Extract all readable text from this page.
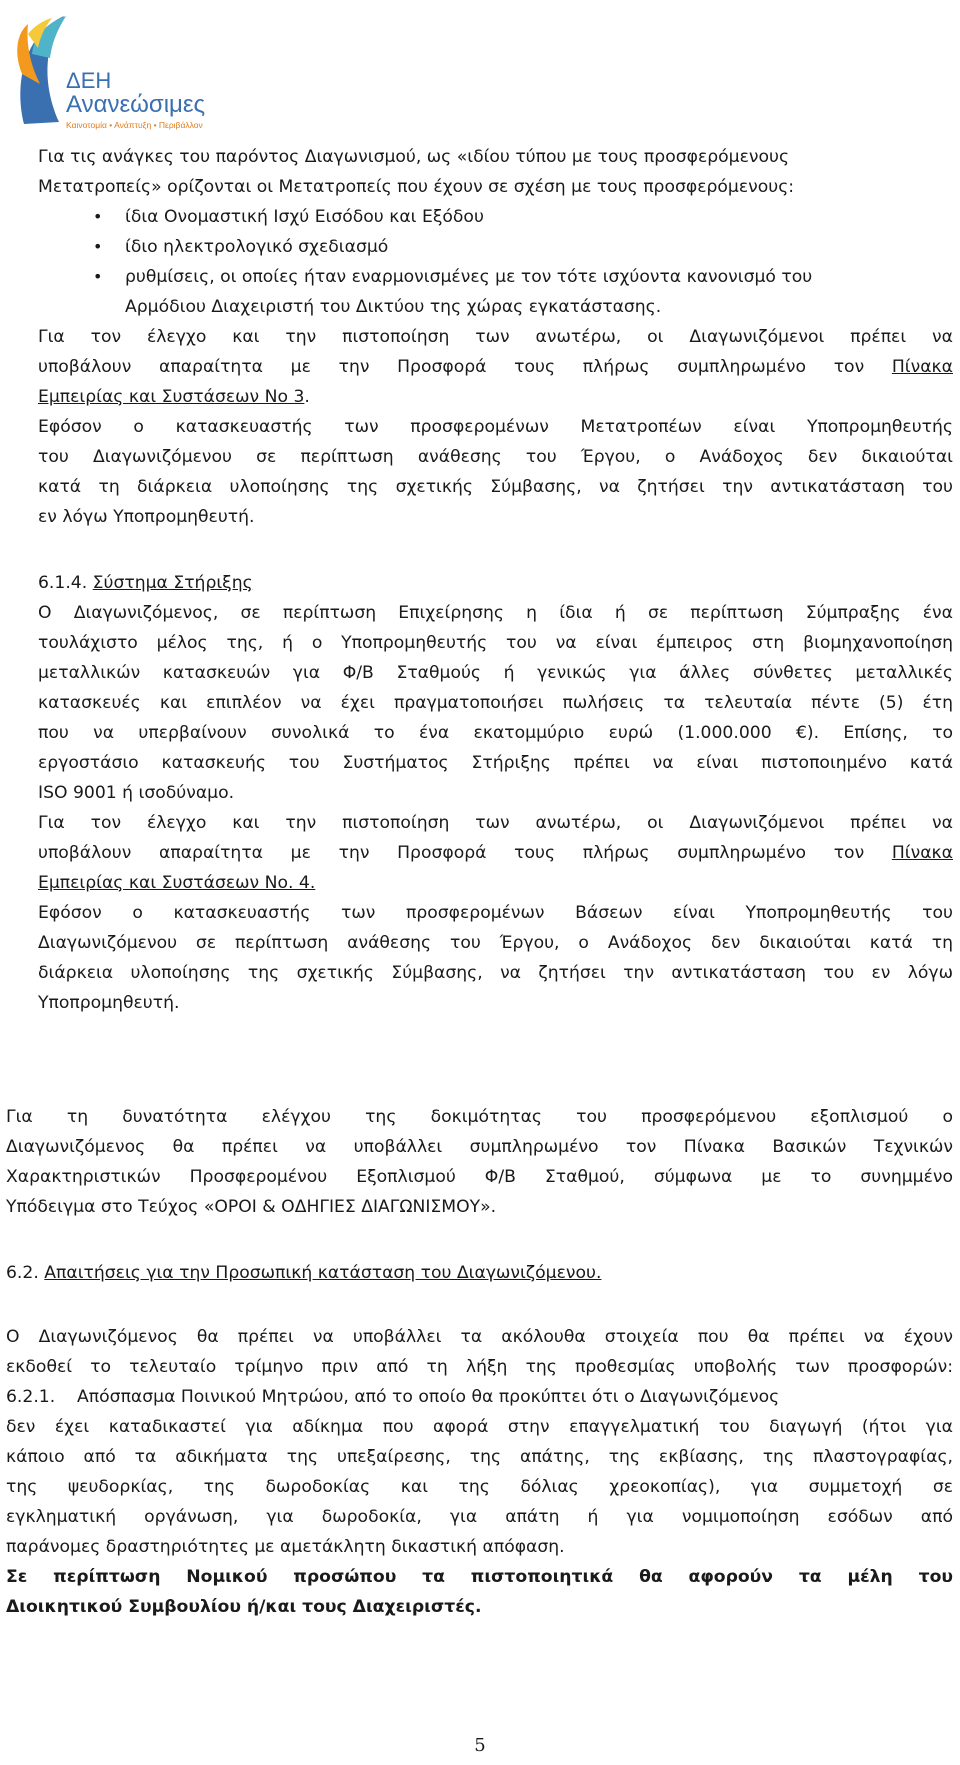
ΔΕΗ
Ανανεώσιμες
Καινοτομία • Ανάπτυξη • Περιβάλλον
Για τις ανάγκες του παρόντος Διαγωνισμού, ως «ιδίου τύπου με τους προσφερόμενους
Μετατροπείς» ορίζονται οι Μετατροπείς που έχουν σε σχέση με τους προσφερόμενους:
• ίδια Ονομαστική Ισχύ Εισόδου και Εξόδου
• ίδιο ηλεκτρολογικό σχεδιασμό
• ρυθμίσεις, οι οποίες ήταν εναρμονισμένες με τον τότε ισχύοντα κανονισμό του
Αρμόδιου Διαχειριστή του Δικτύου της χώρας εγκατάστασης.
Για τον έλεγχο και την πιστοποίηση των ανωτέρω, οι Διαγωνιζόμενοι πρέπει να
υποβάλουν απαραίτητα με την Προσφορά τους πλήρως συμπληρωμένο τον Πίνακα
Εμπειρίας και Συστάσεων Νο 3.
Εφόσον ο κατασκευαστής των προσφερομένων Μετατροπέων είναι Υποπρομηθευτής
του Διαγωνιζόμενου σε περίπτωση ανάθεσης του Έργου, ο Ανάδοχος δεν δικαιούται
κατά τη διάρκεια υλοποίησης της σχετικής Σύμβασης, να ζητήσει την αντικατάσταση του
εν λόγω Υποπρομηθευτή.
6.1.4. Σύστημα Στήριξης
Ο Διαγωνιζόμενος, σε περίπτωση Επιχείρησης η ίδια ή σε περίπτωση Σύμπραξης ένα
τουλάχιστο μέλος της, ή ο Υποπρομηθευτής του να είναι έμπειρος στη βιομηχανοποίηση
μεταλλικών κατασκευών για Φ/Β Σταθμούς ή γενικώς για άλλες σύνθετες μεταλλικές
κατασκευές και επιπλέον να έχει πραγματοποιήσει πωλήσεις τα τελευταία πέντε (5) έτη
που να υπερβαίνουν συνολικά το ένα εκατομμύριο ευρώ (1.000.000 €). Επίσης, το
εργοστάσιο κατασκευής του Συστήματος Στήριξης πρέπει να είναι πιστοποιημένο κατά
ISO 9001 ή ισοδύναμο.
Για τον έλεγχο και την πιστοποίηση των ανωτέρω, οι Διαγωνιζόμενοι πρέπει να
υποβάλουν απαραίτητα με την Προσφορά τους πλήρως συμπληρωμένο τον Πίνακα
Εμπειρίας και Συστάσεων Νο. 4.
Εφόσον ο κατασκευαστής των προσφερομένων Βάσεων είναι Υποπρομηθευτής του
Διαγωνιζόμενου σε περίπτωση ανάθεσης του Έργου, ο Ανάδοχος δεν δικαιούται κατά τη
διάρκεια υλοποίησης της σχετικής Σύμβασης, να ζητήσει την αντικατάσταση του εν λόγω
Υποπρομηθευτή.
Για τη δυνατότητα ελέγχου της δοκιμότητας του προσφερόμενου εξοπλισμού ο
Διαγωνιζόμενος θα πρέπει να υποβάλλει συμπληρωμένο τον Πίνακα Βασικών Τεχνικών
Χαρακτηριστικών Προσφερομένου Εξοπλισμού Φ/Β Σταθμού, σύμφωνα με το συνημμένο
Υπόδειγμα στο Τεύχος «ΟΡΟΙ & ΟΔΗΓΙΕΣ ΔΙΑΓΩΝΙΣΜΟΥ».
6.2. Απαιτήσεις για την Προσωπική κατάσταση του Διαγωνιζόμενου.
Ο Διαγωνιζόμενος θα πρέπει να υποβάλλει τα ακόλουθα στοιχεία που θα πρέπει να έχουν
εκδοθεί το τελευταίο τρίμηνο πριν από τη λήξη της προθεσμίας υποβολής των προσφορών:
6.2.1.    Απόσπασμα Ποινικού Μητρώου, από το οποίο θα προκύπτει ότι ο Διαγωνιζόμενος
δεν έχει καταδικαστεί για αδίκημα που αφορά στην επαγγελματική του διαγωγή (ήτοι για
κάποιο από τα αδικήματα της υπεξαίρεσης, της απάτης, της εκβίασης, της πλαστογραφίας,
της ψευδορκίας, της δωροδοκίας και της δόλιας χρεοκοπίας), για συμμετοχή σε
εγκληματική οργάνωση, για δωροδοκία, για απάτη ή για νομιμοποίηση εσόδων από
παράνομες δραστηριότητες με αμετάκλητη δικαστική απόφαση.
Σε περίπτωση Νομικού προσώπου τα πιστοποιητικά θα αφορούν τα μέλη του
Διοικητικού Συμβουλίου ή/και τους Διαχειριστές.
5
